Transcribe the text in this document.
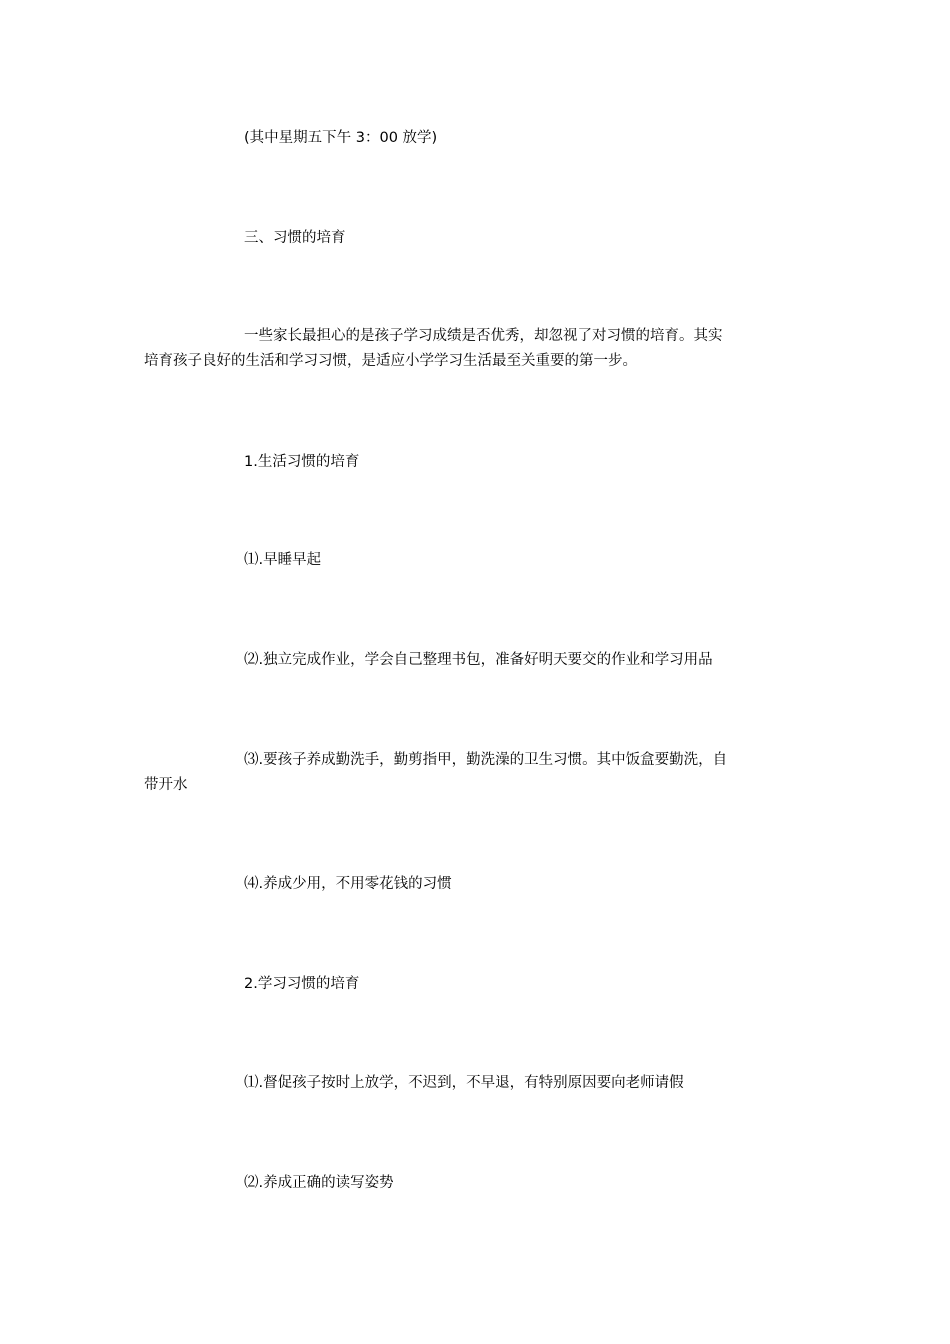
(其中星期五下午 3：00 放学)

三、习惯的培育

一些家长最担心的是孩子学习成绩是否优秀，却忽视了对习惯的培育。其实
培育孩子良好的生活和学习习惯，是适应小学学习生活最至关重要的第一步。

1.生活习惯的培育

⑴.早睡早起

⑵.独立完成作业，学会自己整理书包，准备好明天要交的作业和学习用品

⑶.要孩子养成勤洗手，勤剪指甲，勤洗澡的卫生习惯。其中饭盒要勤洗，自
带开水

⑷.养成少用，不用零花钱的习惯

2.学习习惯的培育

⑴.督促孩子按时上放学，不迟到，不早退，有特别原因要向老师请假

⑵.养成正确的读写姿势
